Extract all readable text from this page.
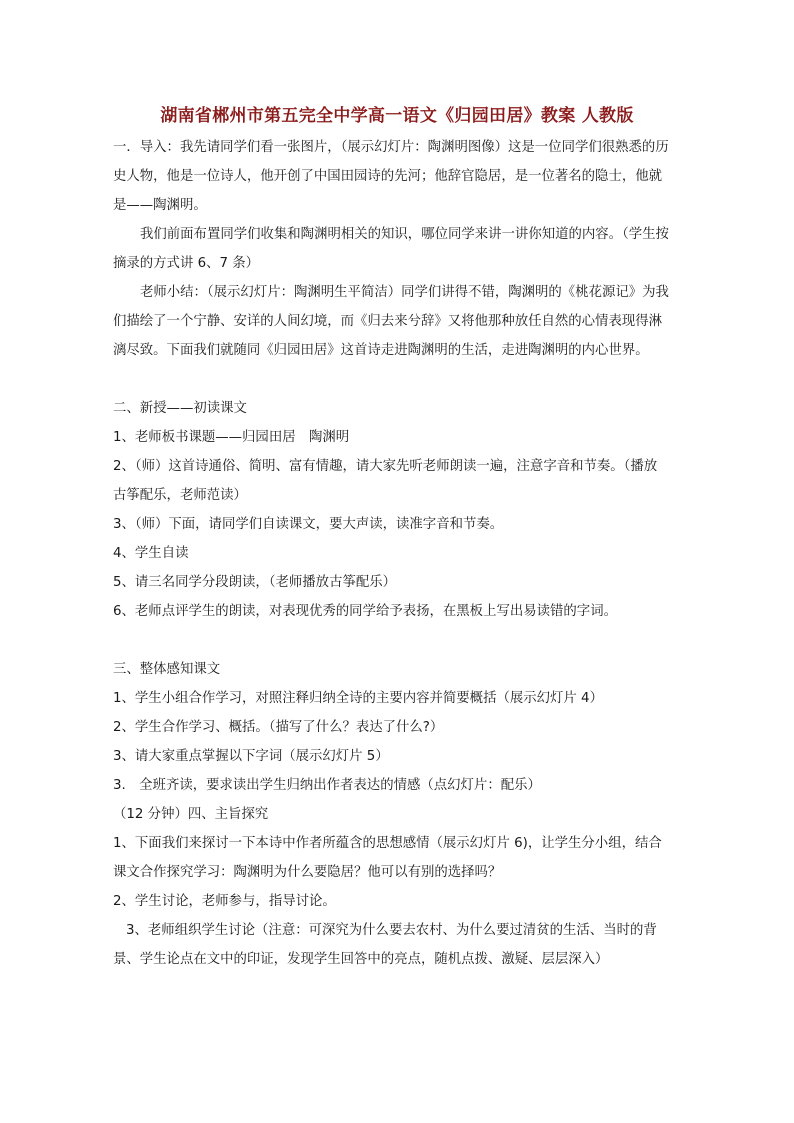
湖南省郴州市第五完全中学高一语文《归园田居》教案 人教版

一．导入：我先请同学们看一张图片，（展示幻灯片：陶渊明图像）这是一位同学们很熟悉的历史人物，他是一位诗人，他开创了中国田园诗的先河；他辞官隐居，是一位著名的隐士，他就是——陶渊明。

我们前面布置同学们收集和陶渊明相关的知识，哪位同学来讲一讲你知道的内容。（学生按摘录的方式讲 6、7 条）

老师小结：（展示幻灯片：陶渊明生平简洁）同学们讲得不错，陶渊明的《桃花源记》为我们描绘了一个宁静、安详的人间幻境，而《归去来兮辞》又将他那种放任自然的心情表现得淋漓尽致。下面我们就随同《归园田居》这首诗走进陶渊明的生活，走进陶渊明的内心世界。

二、新授——初读课文

1、老师板书课题——归园田居　陶渊明

2、（师）这首诗通俗、简明、富有情趣，请大家先听老师朗读一遍，注意字音和节奏。（播放古筝配乐，老师范读）

3、（师）下面，请同学们自读课文，要大声读，读准字音和节奏。

4、学生自读

5、请三名同学分段朗读，（老师播放古筝配乐）

6、老师点评学生的朗读，对表现优秀的同学给予表扬，在黑板上写出易读错的字词。

三、整体感知课文

1、学生小组合作学习，对照注释归纳全诗的主要内容并简要概括（展示幻灯片 4）

2、学生合作学习、概括。（描写了什么？表达了什么?）

3、请大家重点掌握以下字词（展示幻灯片 5）

3.　全班齐读，要求读出学生归纳出作者表达的情感（点幻灯片：配乐）

（12 分钟）四、主旨探究

1、下面我们来探讨一下本诗中作者所蕴含的思想感情（展示幻灯片 6)，让学生分小组，结合课文合作探究学习：陶渊明为什么要隐居？他可以有别的选择吗？

2、学生讨论，老师参与，指导讨论。

3、老师组织学生讨论（注意：可深究为什么要去农村、为什么要过清贫的生活、当时的背景、学生论点在文中的印证，发现学生回答中的亮点，随机点拨、激疑、层层深入）
